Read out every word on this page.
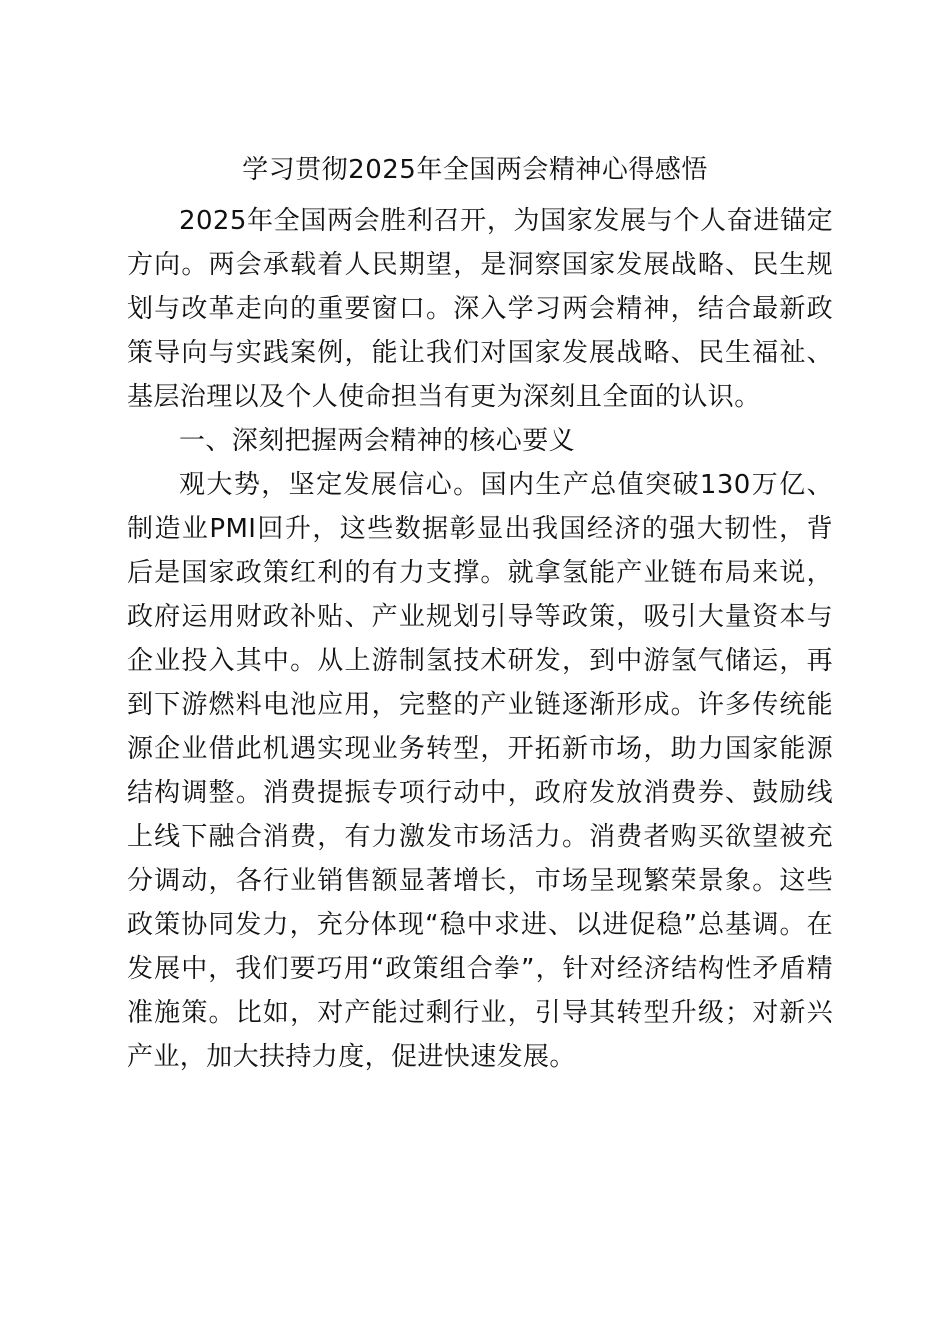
学习贯彻2025年全国两会精神心得感悟

2025年全国两会胜利召开，为国家发展与个人奋进锚定方向。两会承载着人民期望，是洞察国家发展战略、民生规划与改革走向的重要窗口。深入学习两会精神，结合最新政策导向与实践案例，能让我们对国家发展战略、民生福祉、基层治理以及个人使命担当有更为深刻且全面的认识。

一、深刻把握两会精神的核心要义

观大势，坚定发展信心。国内生产总值突破130万亿、制造业PMI回升，这些数据彰显出我国经济的强大韧性，背后是国家政策红利的有力支撑。就拿氢能产业链布局来说，政府运用财政补贴、产业规划引导等政策，吸引大量资本与企业投入其中。从上游制氢技术研发，到中游氢气储运，再到下游燃料电池应用，完整的产业链逐渐形成。许多传统能源企业借此机遇实现业务转型，开拓新市场，助力国家能源结构调整。消费提振专项行动中，政府发放消费券、鼓励线上线下融合消费，有力激发市场活力。消费者购买欲望被充分调动，各行业销售额显著增长，市场呈现繁荣景象。这些政策协同发力，充分体现“稳中求进、以进促稳”总基调。在发展中，我们要巧用“政策组合拳”，针对经济结构性矛盾精准施策。比如，对产能过剩行业，引导其转型升级；对新兴产业，加大扶持力度，促进快速发展。
